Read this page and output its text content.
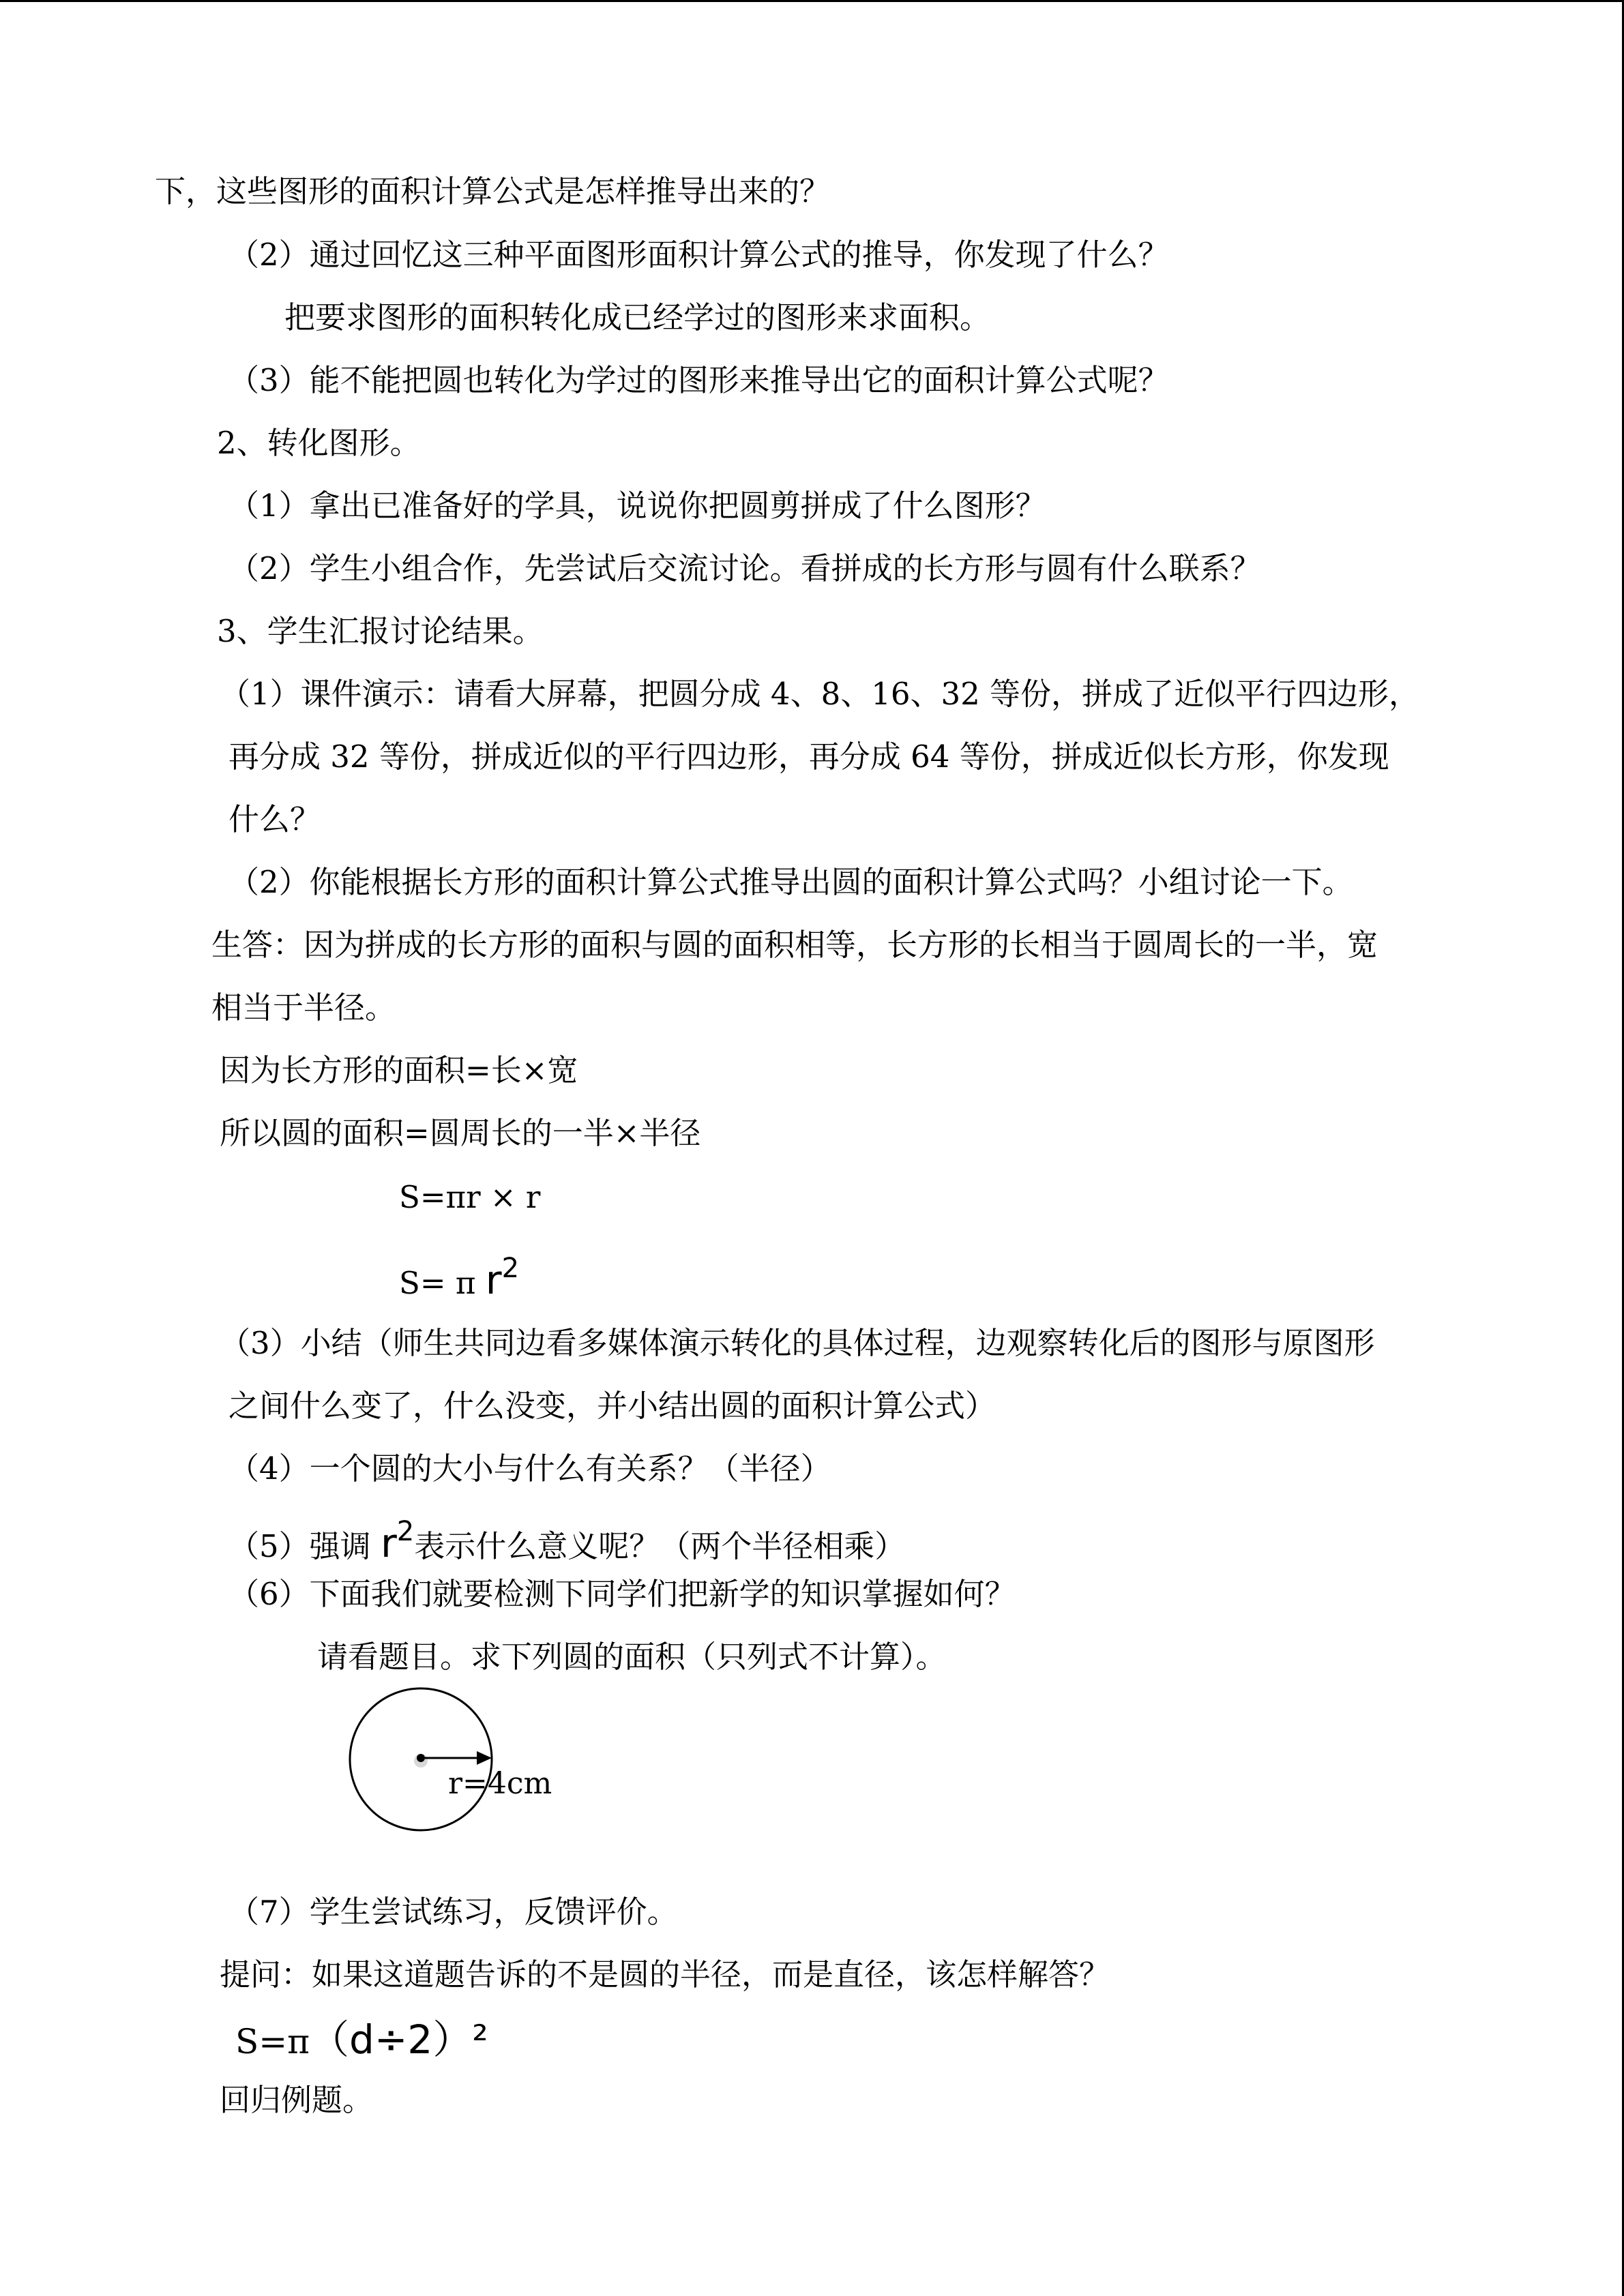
下，这些图形的面积计算公式是怎样推导出来的？
（2）通过回忆这三种平面图形面积计算公式的推导，你发现了什么？
把要求图形的面积转化成已经学过的图形来求面积。
（3）能不能把圆也转化为学过的图形来推导出它的面积计算公式呢？
2、转化图形。
（1）拿出已准备好的学具，说说你把圆剪拼成了什么图形？
（2）学生小组合作，先尝试后交流讨论。看拼成的长方形与圆有什么联系？
3、学生汇报讨论结果。
（1）课件演示：请看大屏幕，把圆分成 4、8、16、32 等份，拼成了近似平行四边形，
再分成 32 等份，拼成近似的平行四边形，再分成 64 等份，拼成近似长方形，你发现
什么？
（2）你能根据长方形的面积计算公式推导出圆的面积计算公式吗？小组讨论一下。
生答：因为拼成的长方形的面积与圆的面积相等，长方形的长相当于圆周长的一半，宽
相当于半径。
因为长方形的面积=长×宽
所以圆的面积=圆周长的一半×半径
S=πr × r
S= π r2
（3）小结（师生共同边看多媒体演示转化的具体过程，边观察转化后的图形与原图形
之间什么变了，什么没变，并小结出圆的面积计算公式）
（4）一个圆的大小与什么有关系？（半径）
（5）强调 r2表示什么意义呢？（两个半径相乘）
（6）下面我们就要检测下同学们把新学的知识掌握如何？
请看题目。求下列圆的面积（只列式不计算）。
r=4cm
（7）学生尝试练习，反馈评价。
提问：如果这道题告诉的不是圆的半径，而是直径，该怎样解答？
S=π（d÷2）²
回归例题。
